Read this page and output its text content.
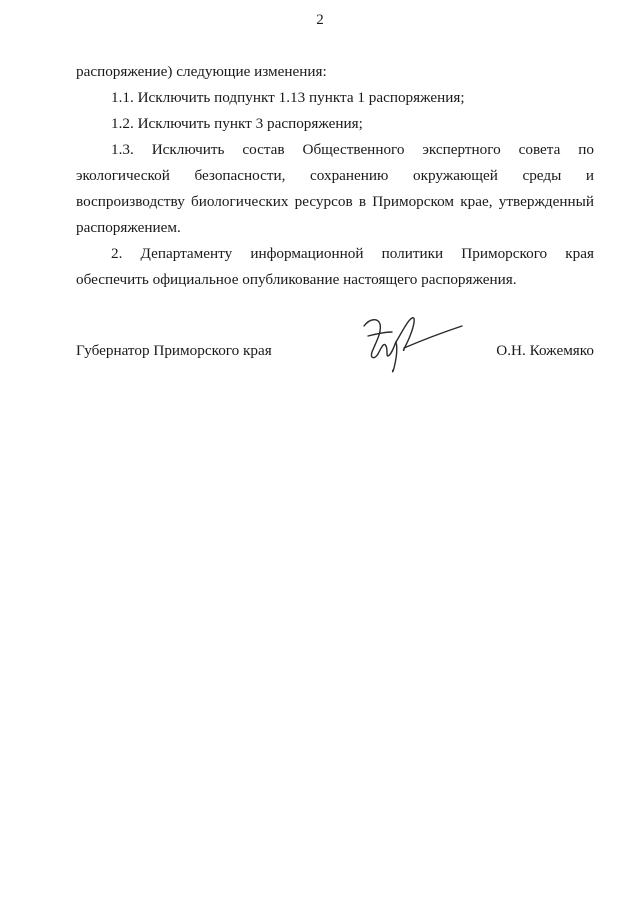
2

распоряжение) следующие изменения:

1.1. Исключить подпункт 1.13 пункта 1 распоряжения;

1.2. Исключить пункт 3 распоряжения;

1.3. Исключить состав Общественного экспертного совета по экологической безопасности, сохранению окружающей среды и воспроизводству биологических ресурсов в Приморском крае, утвержденный распоряжением.

2. Департаменту информационной политики Приморского края обеспечить официальное опубликование настоящего распоряжения.

Губернатор Приморского края	О.Н. Кожемяко
